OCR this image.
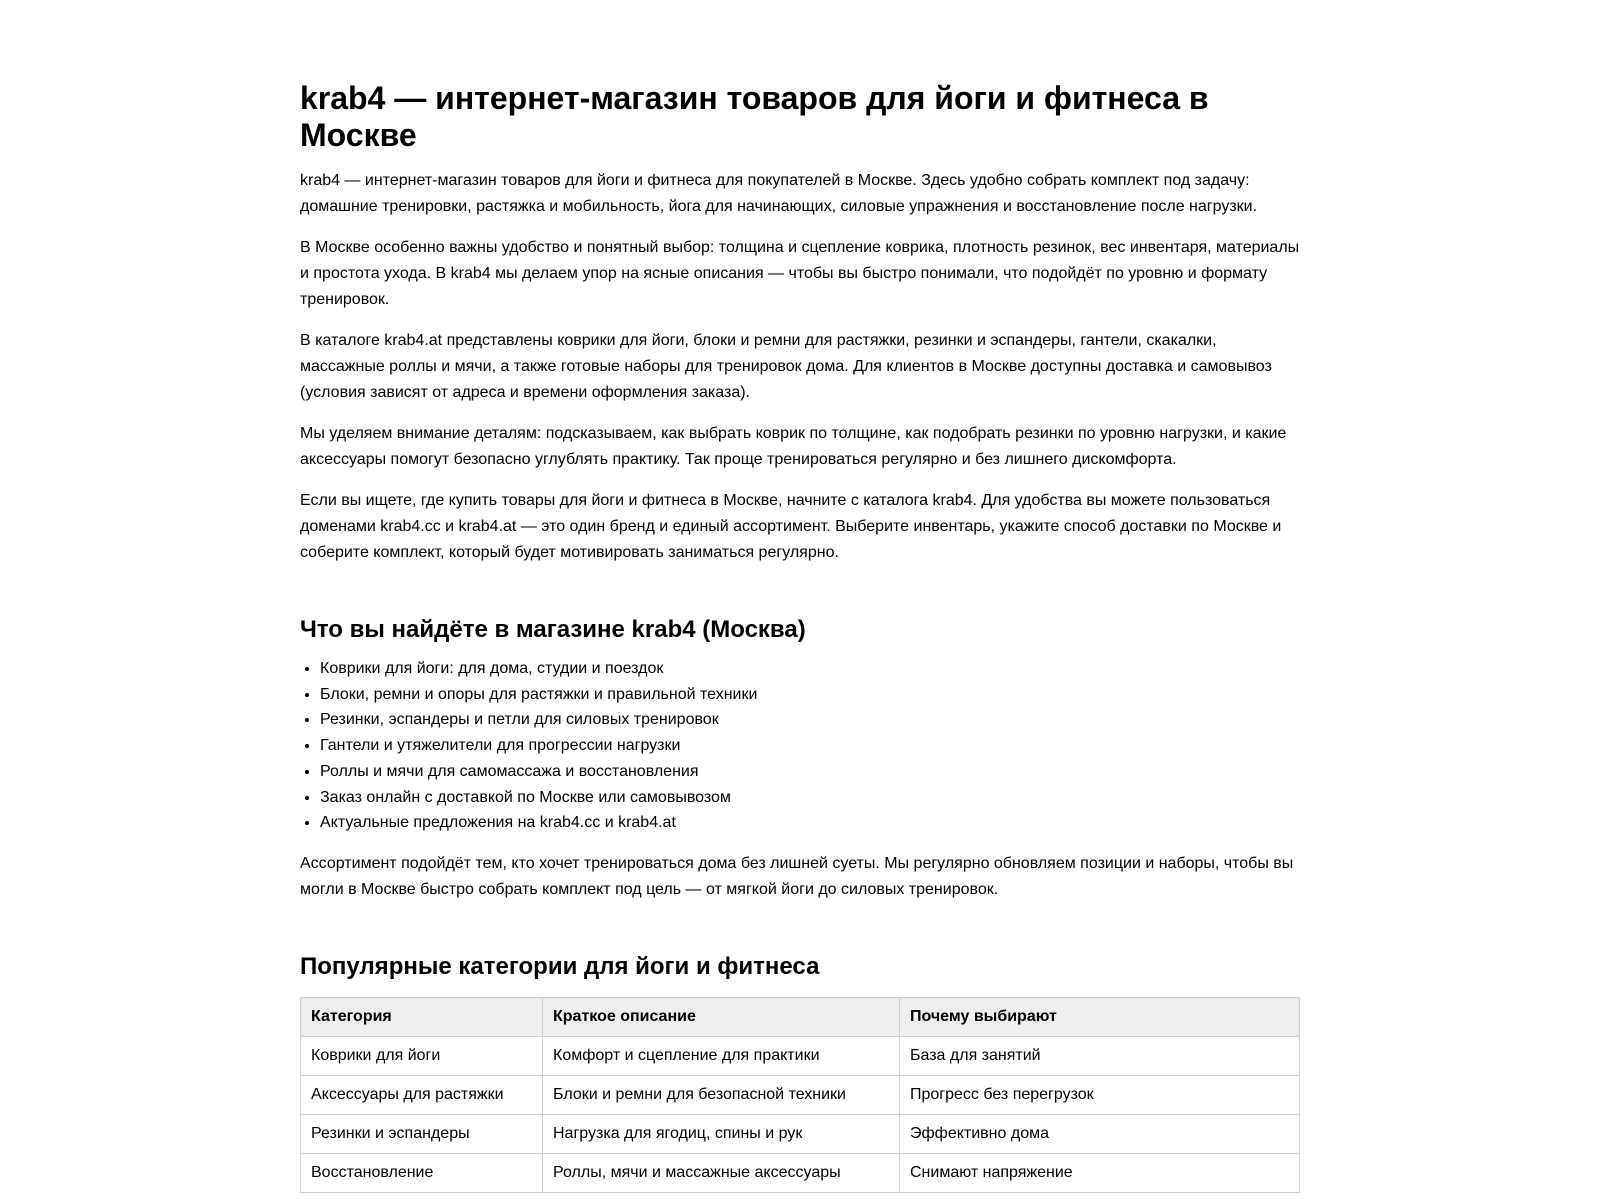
krab4 — интернет-магазин товаров для йоги и фитнеса в Москве

krab4 — интернет-магазин товаров для йоги и фитнеса для покупателей в Москве. Здесь удобно собрать комплект под задачу: домашние тренировки, растяжка и мобильность, йога для начинающих, силовые упражнения и восстановление после нагрузки.

В Москве особенно важны удобство и понятный выбор: толщина и сцепление коврика, плотность резинок, вес инвентаря, материалы и простота ухода. В krab4 мы делаем упор на ясные описания — чтобы вы быстро понимали, что подойдёт по уровню и формату тренировок.

В каталоге krab4.at представлены коврики для йоги, блоки и ремни для растяжки, резинки и эспандеры, гантели, скакалки, массажные роллы и мячи, а также готовые наборы для тренировок дома. Для клиентов в Москве доступны доставка и самовывоз (условия зависят от адреса и времени оформления заказа).

Мы уделяем внимание деталям: подсказываем, как выбрать коврик по толщине, как подобрать резинки по уровню нагрузки, и какие аксессуары помогут безопасно углублять практику. Так проще тренироваться регулярно и без лишнего дискомфорта.

Если вы ищете, где купить товары для йоги и фитнеса в Москве, начните с каталога krab4. Для удобства вы можете пользоваться доменами krab4.cc и krab4.at — это один бренд и единый ассортимент. Выберите инвентарь, укажите способ доставки по Москве и соберите комплект, который будет мотивировать заниматься регулярно.

Что вы найдёте в магазине krab4 (Москва)
• Коврики для йоги: для дома, студии и поездок
• Блоки, ремни и опоры для растяжки и правильной техники
• Резинки, эспандеры и петли для силовых тренировок
• Гантели и утяжелители для прогрессии нагрузки
• Роллы и мячи для самомассажа и восстановления
• Заказ онлайн с доставкой по Москве или самовывозом
• Актуальные предложения на krab4.cc и krab4.at

Ассортимент подойдёт тем, кто хочет тренироваться дома без лишней суеты. Мы регулярно обновляем позиции и наборы, чтобы вы могли в Москве быстро собрать комплект под цель — от мягкой йоги до силовых тренировок.

Популярные категории для йоги и фитнеса
Категория	Краткое описание	Почему выбирают
Коврики для йоги	Комфорт и сцепление для практики	База для занятий
Аксессуары для растяжки	Блоки и ремни для безопасной техники	Прогресс без перегрузок
Резинки и эспандеры	Нагрузка для ягодиц, спины и рук	Эффективно дома
Восстановление	Роллы, мячи и массажные аксессуары	Снимают напряжение
